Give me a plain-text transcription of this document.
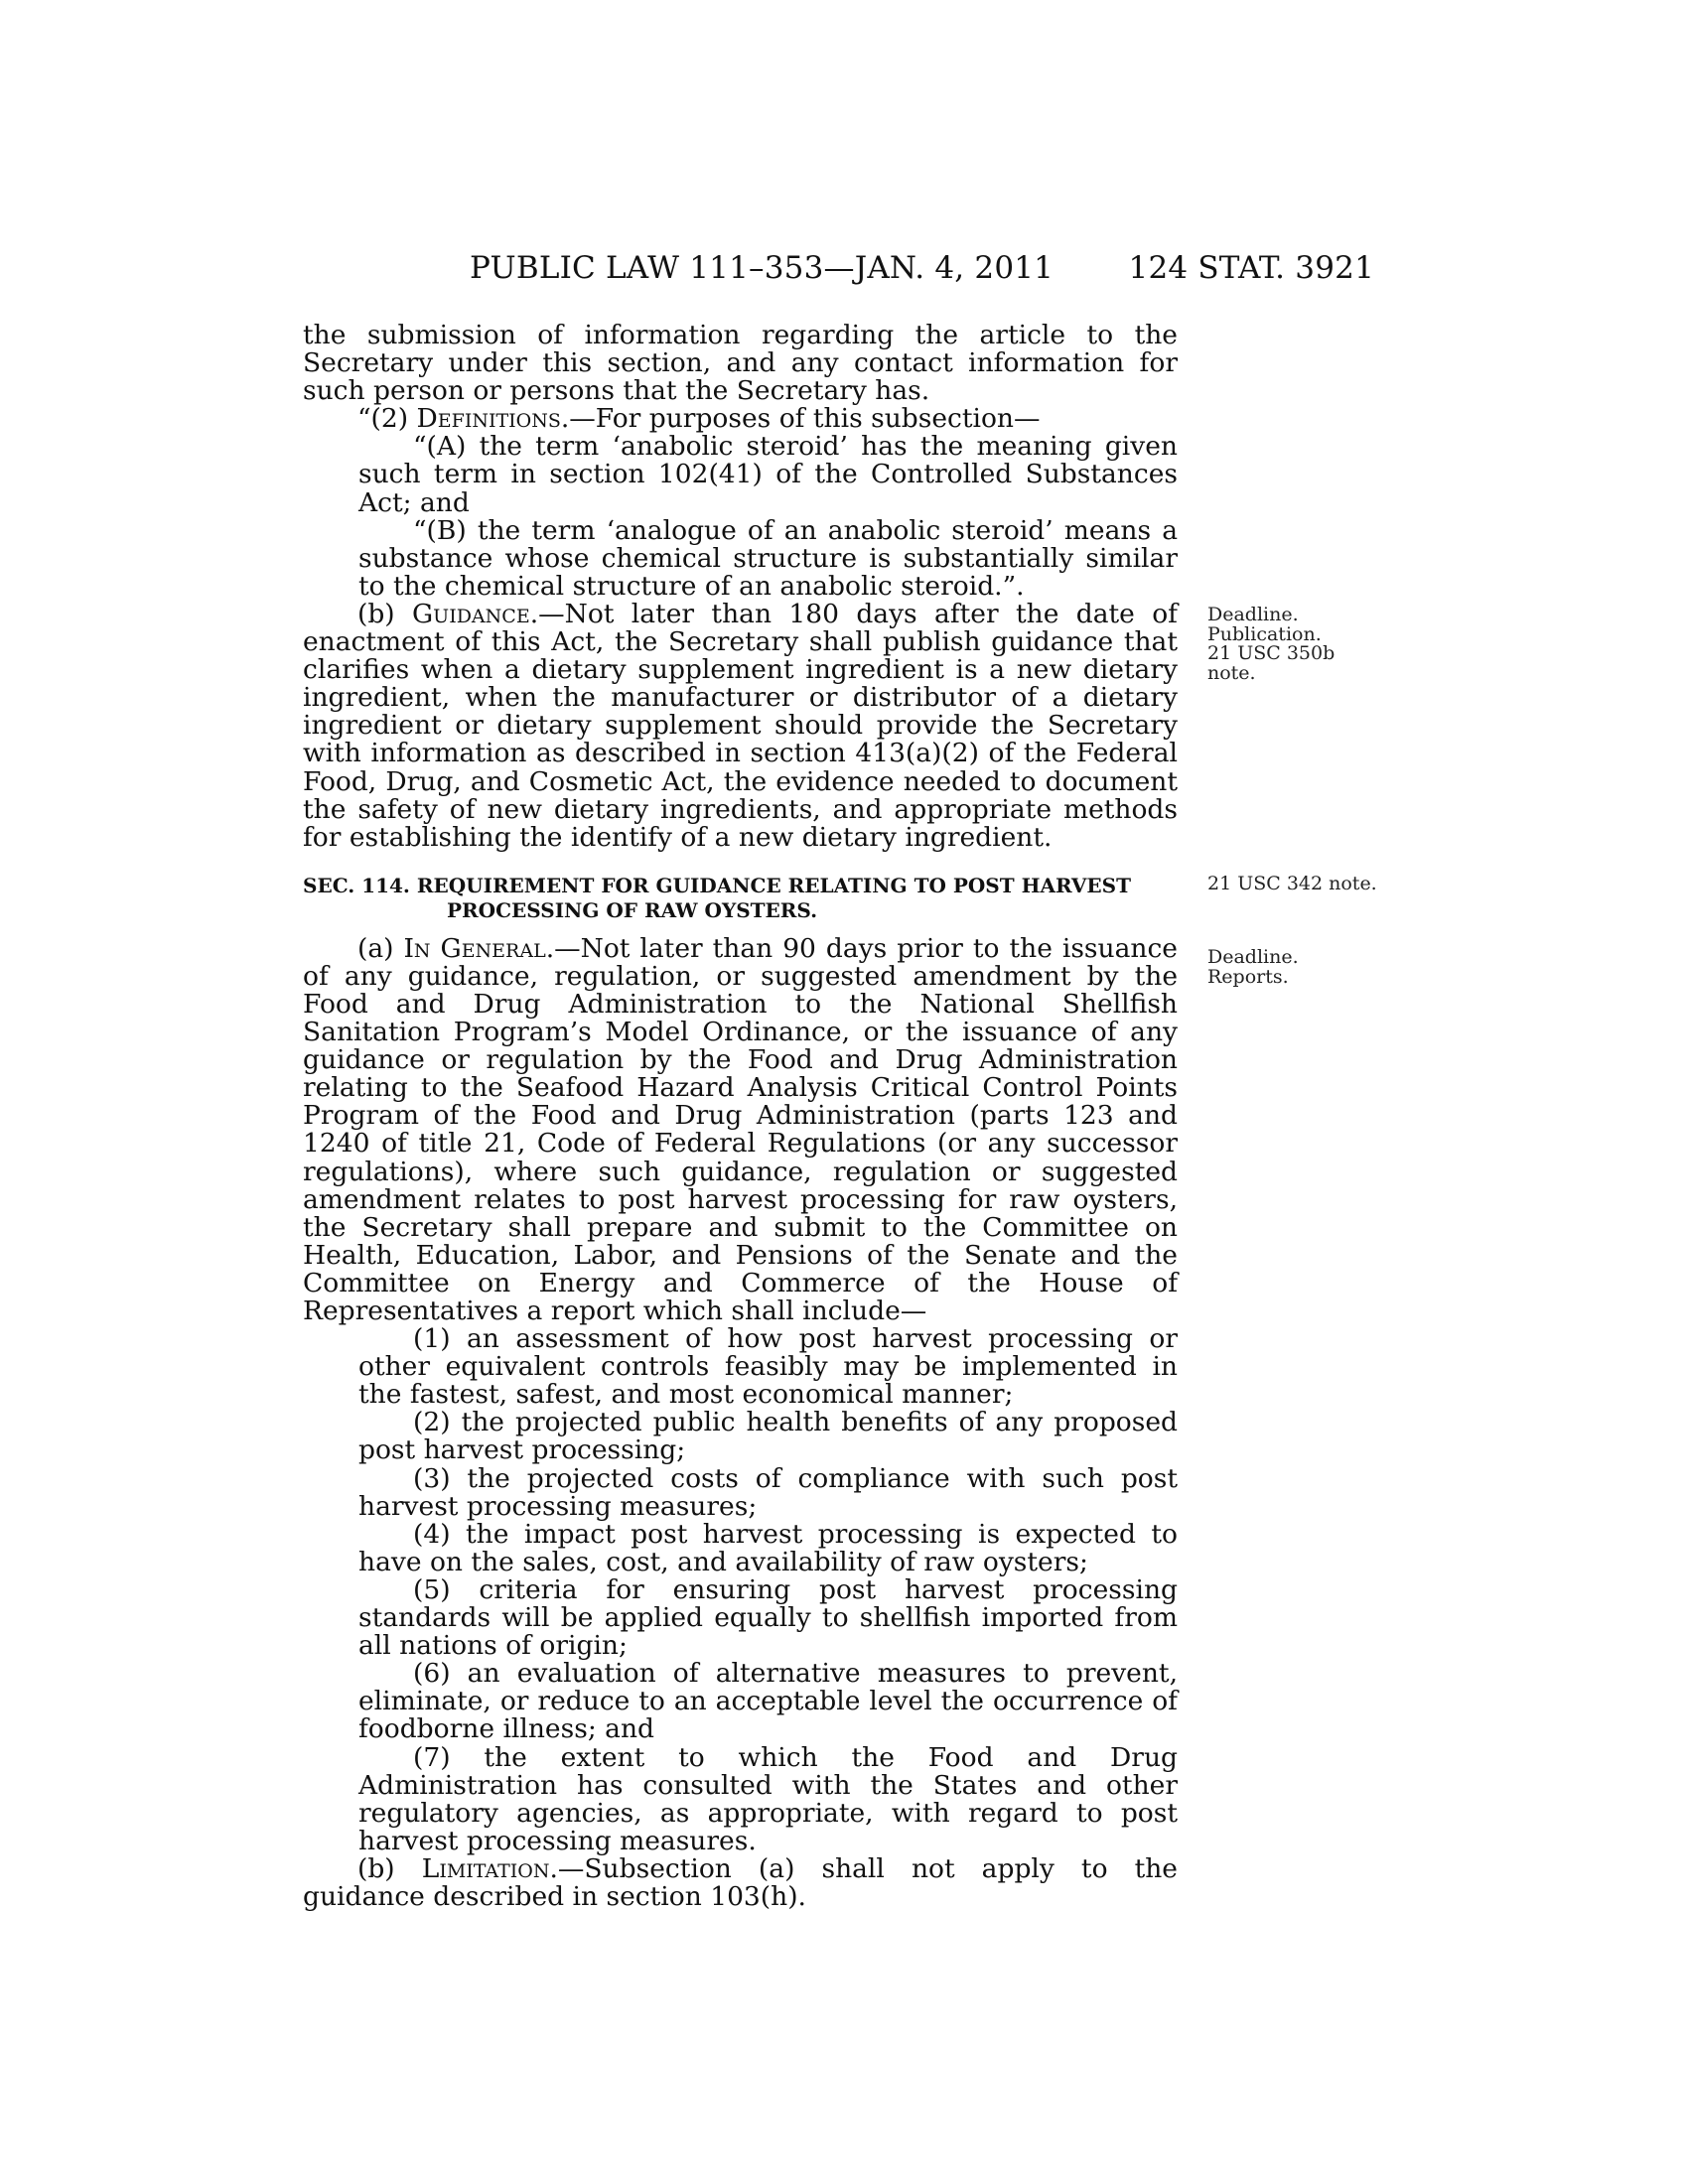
PUBLIC LAW 111–353—JAN. 4, 2011 124 STAT. 3921

the submission of information regarding the article to the Secretary under this section, and any contact information for such person or persons that the Secretary has.

“(2) Definitions.—For purposes of this subsection—

“(A) the term ‘anabolic steroid’ has the meaning given such term in section 102(41) of the Controlled Substances Act; and

“(B) the term ‘analogue of an anabolic steroid’ means a substance whose chemical structure is substantially similar to the chemical structure of an anabolic steroid.”.

(b) Guidance.—Not later than 180 days after the date of enactment of this Act, the Secretary shall publish guidance that clarifies when a dietary supplement ingredient is a new dietary ingredient, when the manufacturer or distributor of a dietary ingredient or dietary supplement should provide the Secretary with information as described in section 413(a)(2) of the Federal Food, Drug, and Cosmetic Act, the evidence needed to document the safety of new dietary ingredients, and appropriate methods for establishing the identify of a new dietary ingredient.

SEC. 114. REQUIREMENT FOR GUIDANCE RELATING TO POST HARVEST PROCESSING OF RAW OYSTERS.

(a) In General.—Not later than 90 days prior to the issuance of any guidance, regulation, or suggested amendment by the Food and Drug Administration to the National Shellfish Sanitation Program’s Model Ordinance, or the issuance of any guidance or regulation by the Food and Drug Administration relating to the Seafood Hazard Analysis Critical Control Points Program of the Food and Drug Administration (parts 123 and 1240 of title 21, Code of Federal Regulations (or any successor regulations), where such guidance, regulation or suggested amendment relates to post harvest processing for raw oysters, the Secretary shall prepare and submit to the Committee on Health, Education, Labor, and Pensions of the Senate and the Committee on Energy and Commerce of the House of Representatives a report which shall include—

(1) an assessment of how post harvest processing or other equivalent controls feasibly may be implemented in the fastest, safest, and most economical manner;

(2) the projected public health benefits of any proposed post harvest processing;

(3) the projected costs of compliance with such post harvest processing measures;

(4) the impact post harvest processing is expected to have on the sales, cost, and availability of raw oysters;

(5) criteria for ensuring post harvest processing standards will be applied equally to shellfish imported from all nations of origin;

(6) an evaluation of alternative measures to prevent, eliminate, or reduce to an acceptable level the occurrence of foodborne illness; and

(7) the extent to which the Food and Drug Administration has consulted with the States and other regulatory agencies, as appropriate, with regard to post harvest processing measures.

(b) Limitation.—Subsection (a) shall not apply to the guidance described in section 103(h).

Deadline.
Publication.
21 USC 350b
note.
21 USC 342 note.
Deadline.
Reports.
